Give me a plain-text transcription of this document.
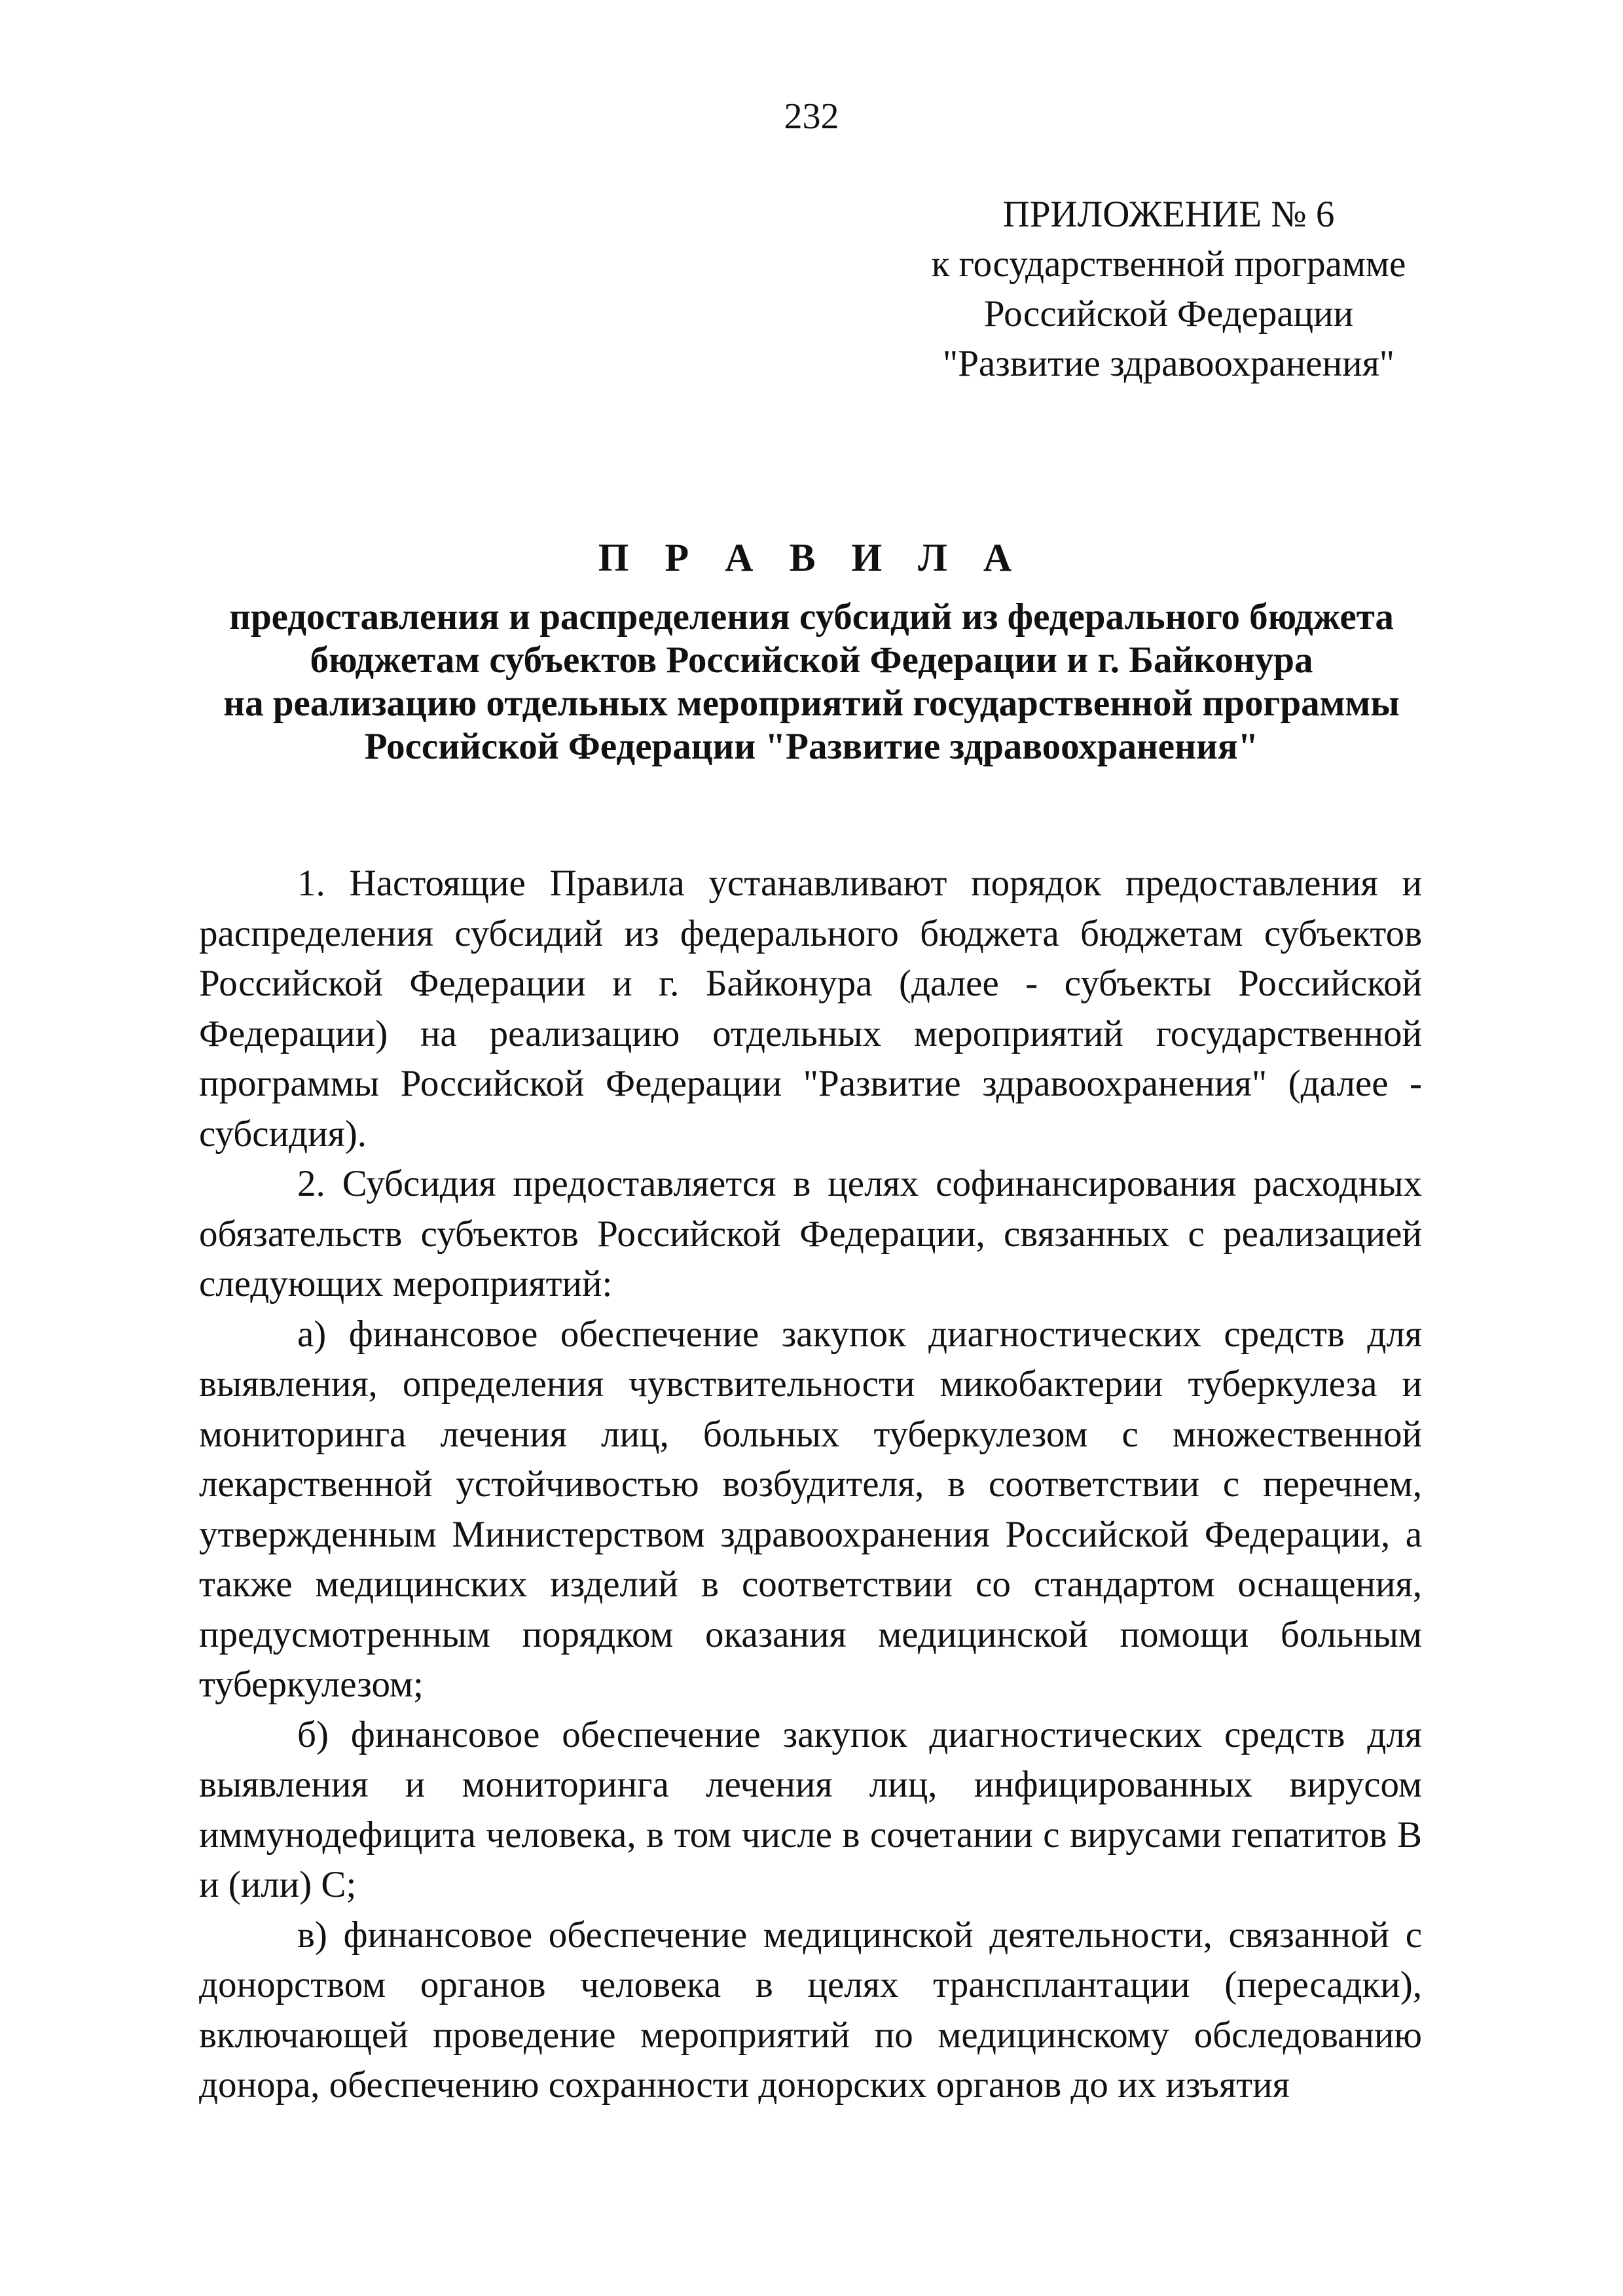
232
ПРИЛОЖЕНИЕ № 6
к государственной программе
Российской Федерации
"Развитие здравоохранения"
П Р А В И Л А
предоставления и распределения субсидий из федерального бюджета
бюджетам субъектов Российской Федерации и г. Байконура
на реализацию отдельных мероприятий государственной программы
Российской Федерации "Развитие здравоохранения"

1. Настоящие Правила устанавливают порядок предоставления и распределения субсидий из федерального бюджета бюджетам субъектов Российской Федерации и г. Байконура (далее - субъекты Российской Федерации) на реализацию отдельных мероприятий государственной программы Российской Федерации "Развитие здравоохранения" (далее - субсидия).

2. Субсидия предоставляется в целях софинансирования расходных обязательств субъектов Российской Федерации, связанных с реализацией следующих мероприятий:

а) финансовое обеспечение закупок диагностических средств для выявления, определения чувствительности микобактерии туберкулеза и мониторинга лечения лиц, больных туберкулезом с множественной лекарственной устойчивостью возбудителя, в соответствии с перечнем, утвержденным Министерством здравоохранения Российской Федерации, а также медицинских изделий в соответствии со стандартом оснащения, предусмотренным порядком оказания медицинской помощи больным туберкулезом;

б) финансовое обеспечение закупок диагностических средств для выявления и мониторинга лечения лиц, инфицированных вирусом иммунодефицита человека, в том числе в сочетании с вирусами гепатитов В и (или) С;

в) финансовое обеспечение медицинской деятельности, связанной с донорством органов человека в целях трансплантации (пересадки), включающей проведение мероприятий по медицинскому обследованию донора, обеспечению сохранности донорских органов до их изъятия
